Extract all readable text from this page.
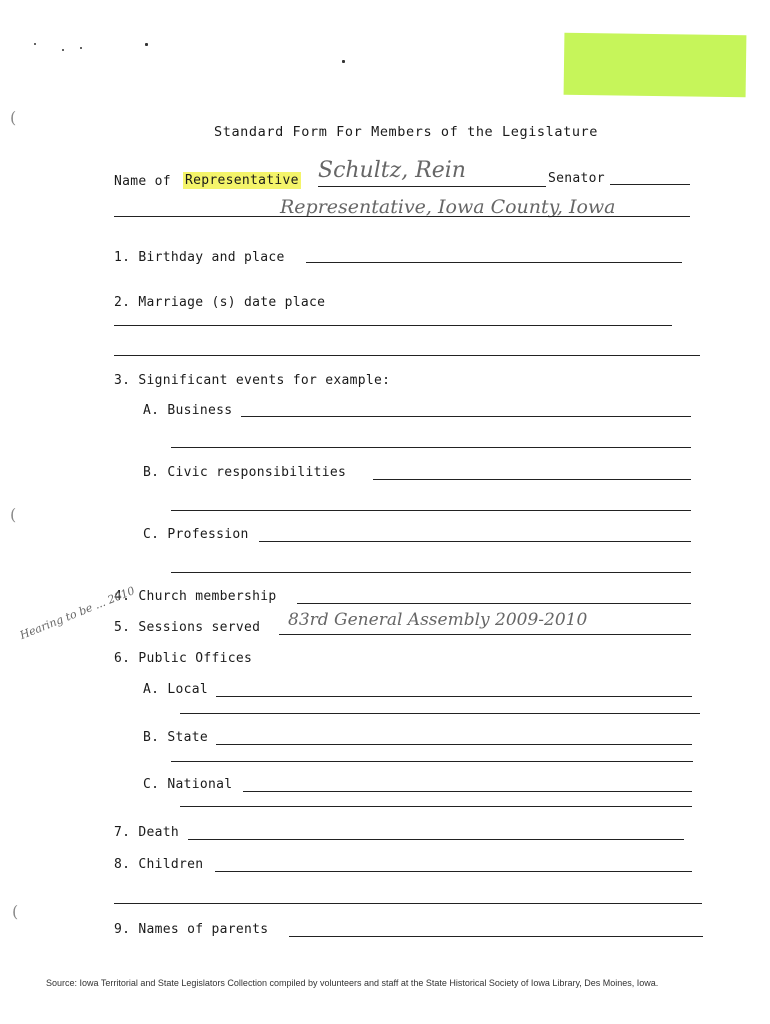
(
(
(
Standard Form For Members of the Legislature
Name of Representative Schultz, Rein	Senator
Representative, Iowa County, Iowa
1. Birthday and place
2. Marriage (s) date place
3. Significant events for example:
A. Business
B. Civic responsibilities
C. Profession
4. Church membership
5. Sessions served 83rd General Assembly 2009-2010
Hearing to be ... 2010
6. Public Offices
A. Local
B. State
C. National
7. Death
8. Children
9. Names of parents
Source: Iowa Territorial and State Legislators Collection compiled by volunteers and staff at the State Historical Society of Iowa Library, Des Moines, Iowa.
